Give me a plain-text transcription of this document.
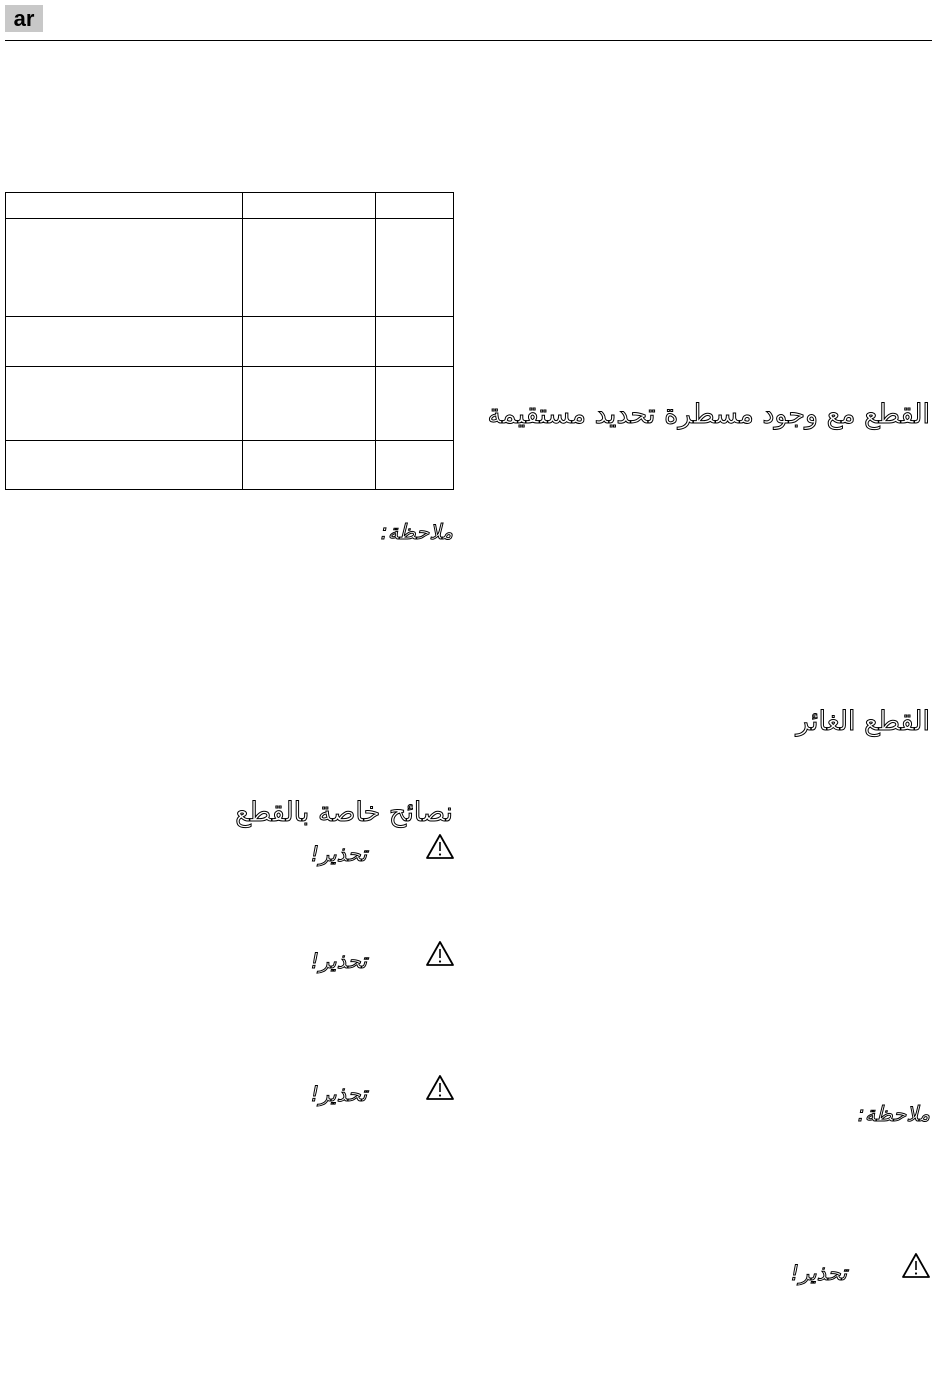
ar

ملاحظة:
نصائح خاصة بالقطع
تحذير!
تحذير!
تحذير!
القطع مع وجود مسطرة تحديد مستقيمة
القطع الغائر
ملاحظة:
تحذير!
